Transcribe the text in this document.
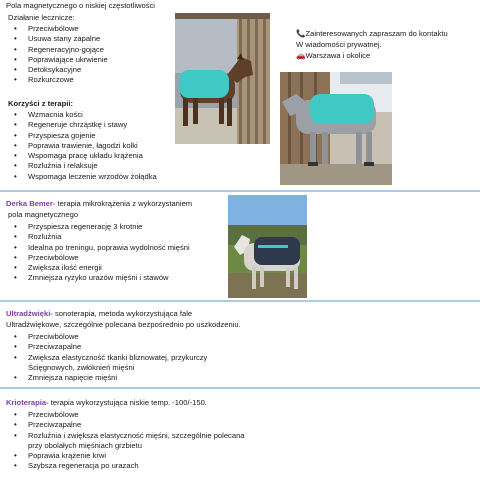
Pola magnetycznego o niskiej częstotliwości
Działanie lecznicze:
• Przeciwbólowe
• Usuwa stany zapalne
• Regeneracyjno-gojące
• Poprawiające ukrwienie
• Detoksykacyjne
• Rozkurczowe
Korzyści z terapii:
• Wzmacnia kości
• Regeneruje chrząstkę i stawy
• Przyspiesza gojenie
• Poprawia trawienie, łagodzi kolki
• Wspomaga pracę układu krążenia
• Rozluźnia i relaksuje
• Wspomaga leczenie wrzodów żołądka
📞Zainteresowanych zapraszam do kontaktu
W wiadomości prywatnej.
🚗Warszawa i okolice
Derka Bemer- terapia mikrokrążenia z wykorzystaniem
pola magnetycznego
• Przyspiesza regenerację 3 krotnie
• Rozluźnia
• Idealna po treningu, poprawia wydolność mięśni
• Przeciwbólowe
• Zwiększa ilość energii
• Zmniejsza ryzyko urazów mięśni i stawów
Ultradźwięki- sonoterapia, metoda wykorzystująca fale
Ultradźwiękowe, szczególnie polecana bezpośrednio po uszkodzeniu.
• Przeciwbólowe
• Przeciwzapalne
• Zwiększa elastyczność tkanki bliznowatej, przykurczy
Ścięgnowych, zwłóknień mięśni
• Zmniejsza napięcie mięśni
Krioterapia- terapia wykorzystująca niskie temp. -100/-150.
• Przeciwbólowe
• Przeciwzapalne
• Rozluźnia i zwiększa elastyczność mięśni, szczególnie polecana
przy obolałych mięśniach grzbietu
• Poprawia krążenie krwi
• Szybsza regeneracja po urazach
